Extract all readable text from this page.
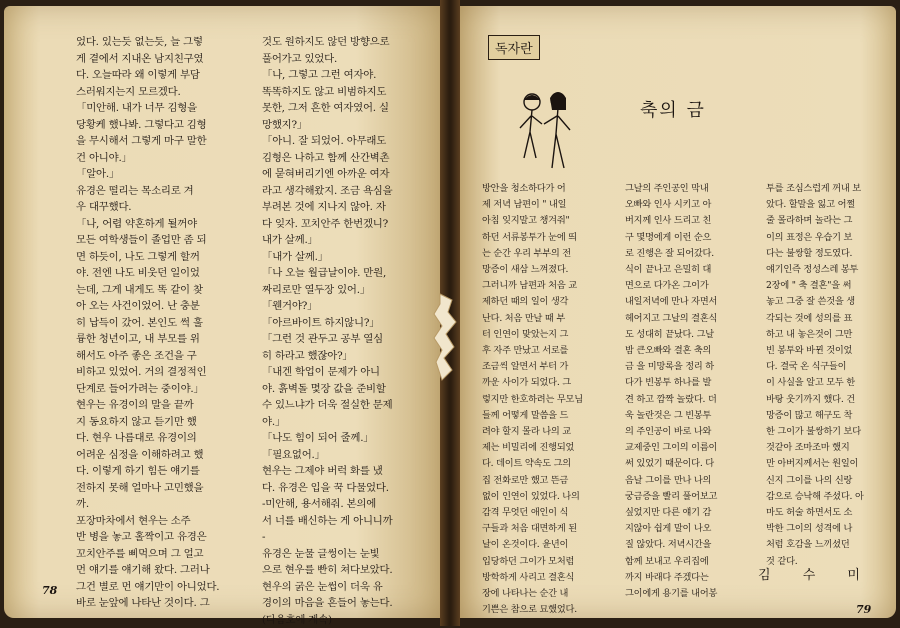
었다. 있는듯 없는듯, 늘 그렇

게 곁에서 지내온 남지친구였

다. 오늘따라 왜 이렇게 부담

스러워지는지 모르겠다.

「미안해. 내가 너무 김형을

당황케 했나봐. 그렇다고 김형

을 무시해서 그렇게 마구 말한

건 아니야.」

「알아.」

유경은 떨리는 목소리로 겨

우 대꾸했다.

「나, 어렵 약혼하게 될꺼야

모든 여학생들이 졸업만 좀 되

면 하듯이, 나도 그렇게 할꺼

야. 전엔 나도 비웃던 일이었

는데, 그게 내게도 똑 같이 찾

아 오는 사건이었어. 난 충분

히 납득이 갔어. 본인도 썩 훌

륭한 청년이고, 내 부모를 위

해서도 아주 좋은 조건을 구

비하고 있었어. 거의 결정적인

단계로 들어가려는 중이야.」

현우는 유경이의 말을 끝까

지 동요하지 않고 듣기만 했

다. 현우 나름대로 유경이의

어려운 심정을 이해하려고 했

다. 이렇게 하기 힘든 얘기를

전하지 못해 얼마나 고민했을

까.

포장마차에서 현우는 소주

반 병을 놓고 홀짝이고 유경은

꼬치안주를 삐먹으며 그 얼고

먼 얘기를 얘기해 왔다. 그러나

그건 별로 먼 얘기만이 아니었다.

바로 눈앞에 나타난 것이다. 그

것도 원하지도 않던 방향으로

풀어가고 있었다.

「나, 그렇고 그런 여자야.

똑똑하지도 않고 비범하지도

못한, 그저 흔한 여자였어. 실

망했지?」

「아니. 잘 되었어. 아무래도

김형은 나하고 함께 산간벽촌

에 묻혀버리기엔 아까운 여자

라고 생각해왔지. 조금 욕심을

부려본 것에 지나지 않아. 자

다 잊자. 꼬치안주 한번겠니?

내가 살께.」

「내가 살께.」

「나 오늘 월급날이야. 만원,

짜리로만 열두장 있어.」

「웬거야?」

「아르바이트 하지않니?」

「그런 것 관두고 공부 열심

히 하라고 했잖아?」

「내겐 학업이 문제가 아니

야. 흙벽돌 몇장 값을 준비할

수 있느냐가 더욱 절실한 문제

야.」

「나도 힘이 되어 줄께.」

「필요없어.」

현우는 그제야 버럭 화를 냈

다. 유경은 입을 꾹 다물었다.

-미안해, 용서해줘. 본의에

서 너를 배신하는 게 아니니까

-

유경은 눈물 글썽이는 눈빛

으로 현우를 빤히 쳐다보았다.

현우의 굵은 눈썹이 더욱 유

경이의 마음을 흔들어 놓는다.

(다음호에 계속)

78
독자란
축의 금

방안을 청소하다가 어

제 저녁 남편이 " 내일

아침 잊지말고 챙겨줘"

하던 서류봉투가 눈에 띄

는 순간 우리 부부의 전

망증이 새삼 느껴졌다.

그러니까 남편과 처음 교

제하던 때의 일이 생각

난다. 처음 만날 때 부

터 인연이 맞았는지 그

후 자주 만났고 서로를

조금씩 알면서 부터 가

까운 사이가 되었다. 그

렇지만 한호하려는 무모님

들께 어떻게 말씀을 드

려야 할지 몰라 나의 교

제는 비밀리에 진행되었

다. 데이트 약속도 그의

집 전화로만 했고 뜬금

없이 인연이 있었다. 나의

감격 무엇던 애인이 식

구들과 처음 대면하게 된

날이 온것이다. 윤년이

입당하던 그이가 모처럼

방학하게 사리고 결혼식

장에 나타나는 순간 내

기쁜은 참으로 묘했었다.

그날의 주인공인 막내

오빠와 인사 시키고 아

버지께 인사 드리고 친

구 몇명에게 이런 순으

로 진행은 잘 되어갔다.

식이 끝나고 은밀히 대

면으로 다가온 그이가

내일저녁에 만나 자면서

헤어지고 그날의 결혼식

도 성대히 끝났다. 그날

밤 큰오빠와 결혼 축의

금 을 미망록을 정리 하

다가 빈봉투 하나를 발

견 하고 깜짝 놀랐다. 더

욱 놀란것은 그 빈봉투

의 주인공이 바로 나와

교제중인 그이의 이름이

써 있었기 때문이다. 다

음날 그이를 만나 나의

궁금증을 빨리 풀어보고

싶었지만 다른 얘기 감

지않아 쉽게 말이 나오

질 않았다. 저녁시간을

함께 보내고 우리집에

까지 바래다 주겠다는

그이에게 용기를 내어봉

투를 조심스럽게 꺼내 보

았다. 할말을 잃고 어쩔

줄 몰라하며 놀라는 그

이의 표정은 우습기 보

다는 불쌍할 정도였다.

얘기인즉 정성스레 봉투

2장에 " 축 결혼"을 써

놓고 그중 잘 쓴것을 생

각되는 것에 성의를 표

하고 내 놓은것이 그만

빈 봉투와 바뀐 것이었

다. 결국 온 식구들이

이 사실을 알고 모두 한

바탕 웃기까지 했다. 건

망증이 많고 해구도 착

한 그이가 불쌍하기 보다

것같아 조마조마 했지

만 아버지께서는 원일이

신지 그이를 나의 신랑

감으로 승낙해 주셨다. 아

마도 허술 하면서도 소

박한 그이의 성격에 나

처럼 호감을 느끼셨던

것 같다.

김 수 미
79
